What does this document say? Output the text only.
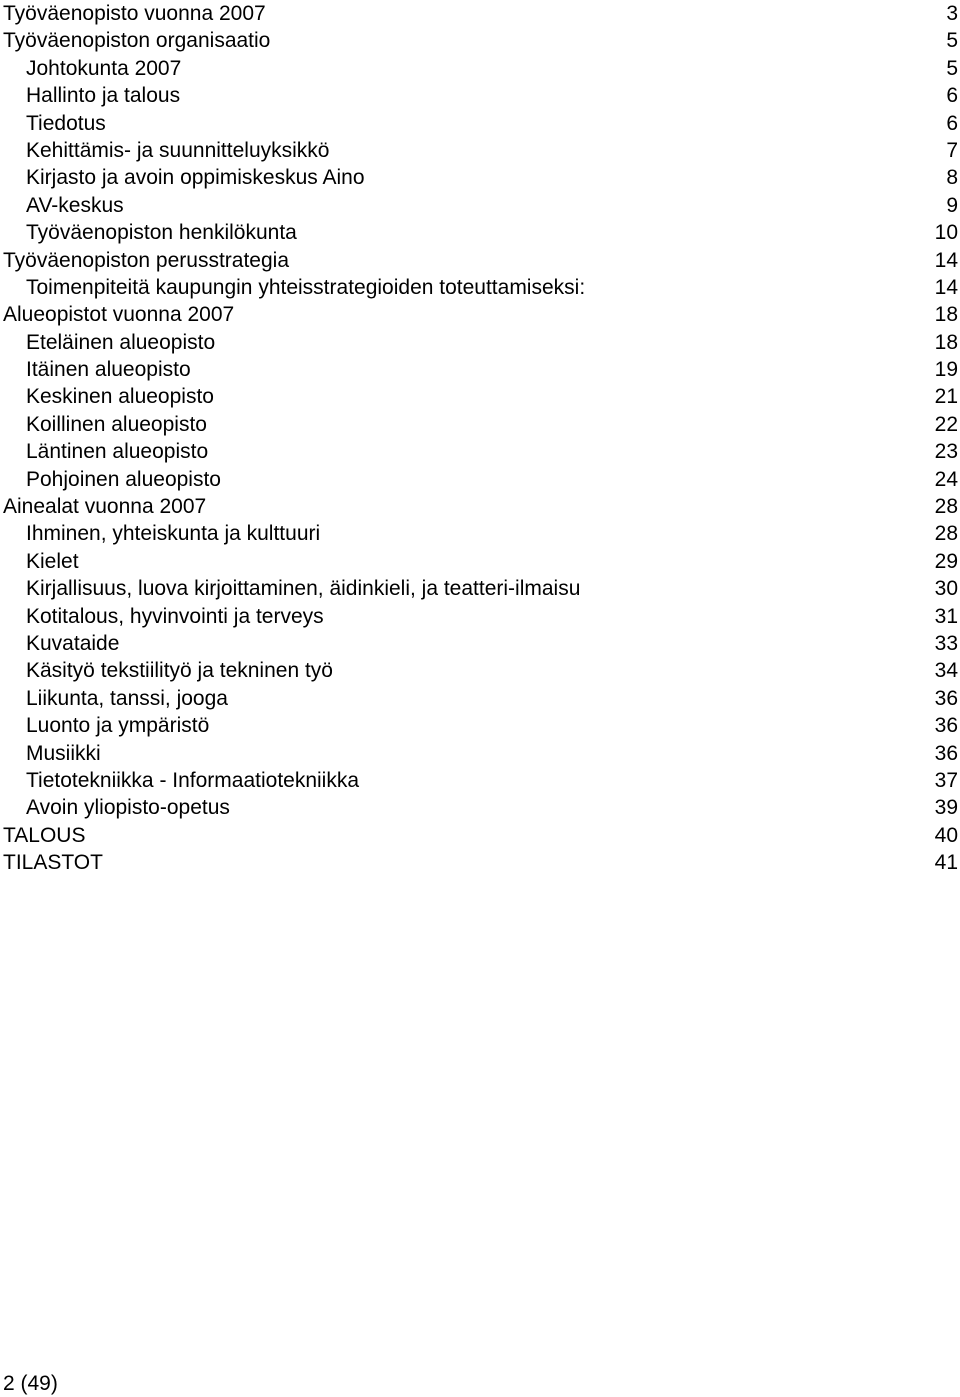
Työväenopisto vuonna 2007	3
Työväenopiston organisaatio	5
Johtokunta 2007	5
Hallinto ja talous	6
Tiedotus	6
Kehittämis- ja suunnitteluyksikkö	7
Kirjasto ja avoin oppimiskeskus Aino	8
AV-keskus	9
Työväenopiston henkilökunta	10
Työväenopiston perusstrategia	14
Toimenpiteitä kaupungin yhteisstrategioiden toteuttamiseksi:	14
Alueopistot vuonna 2007	18
Eteläinen alueopisto	18
Itäinen alueopisto	19
Keskinen alueopisto	21
Koillinen alueopisto	22
Läntinen alueopisto	23
Pohjoinen alueopisto	24
Ainealat vuonna 2007	28
Ihminen, yhteiskunta ja kulttuuri	28
Kielet	29
Kirjallisuus, luova kirjoittaminen, äidinkieli, ja teatteri-ilmaisu	30
Kotitalous, hyvinvointi ja terveys	31
Kuvataide	33
Käsityö tekstiilityö ja tekninen työ	34
Liikunta, tanssi, jooga	36
Luonto ja ympäristö	36
Musiikki	36
Tietotekniikka - Informaatiotekniikka	37
Avoin yliopisto-opetus	39
TALOUS	40
TILASTOT	41
2 (49)
